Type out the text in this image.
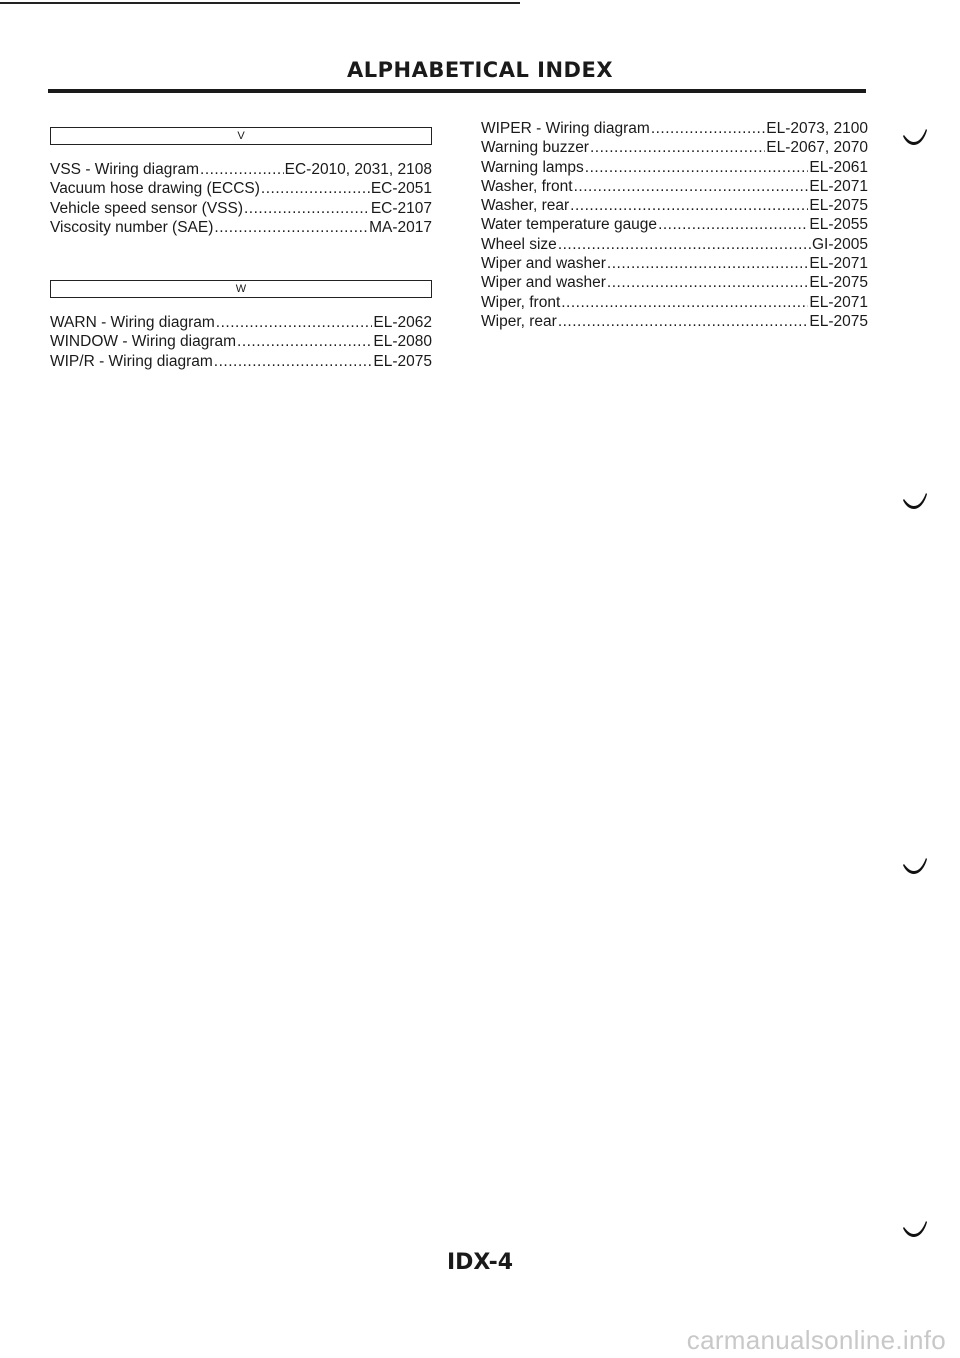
ALPHABETICAL INDEX
V
VSS - Wiring diagram .....	EC-2010, 2031, 2108
Vacuum hose drawing (ECCS) .....	EC-2051
Vehicle speed sensor (VSS) .....	EC-2107
Viscosity number (SAE) .....	MA-2017
W
WARN - Wiring diagram .....	EL-2062
WINDOW - Wiring diagram .....	EL-2080
WIP/R - Wiring diagram .....	EL-2075
WIPER - Wiring diagram .....	EL-2073, 2100
Warning buzzer .....	EL-2067, 2070
Warning lamps .....	EL-2061
Washer, front .....	EL-2071
Washer, rear .....	EL-2075
Water temperature gauge .....	EL-2055
Wheel size .....	GI-2005
Wiper and washer .....	EL-2071
Wiper and washer .....	EL-2075
Wiper, front .....	EL-2071
Wiper, rear .....	EL-2075
IDX-4
carmanualsonline.info
